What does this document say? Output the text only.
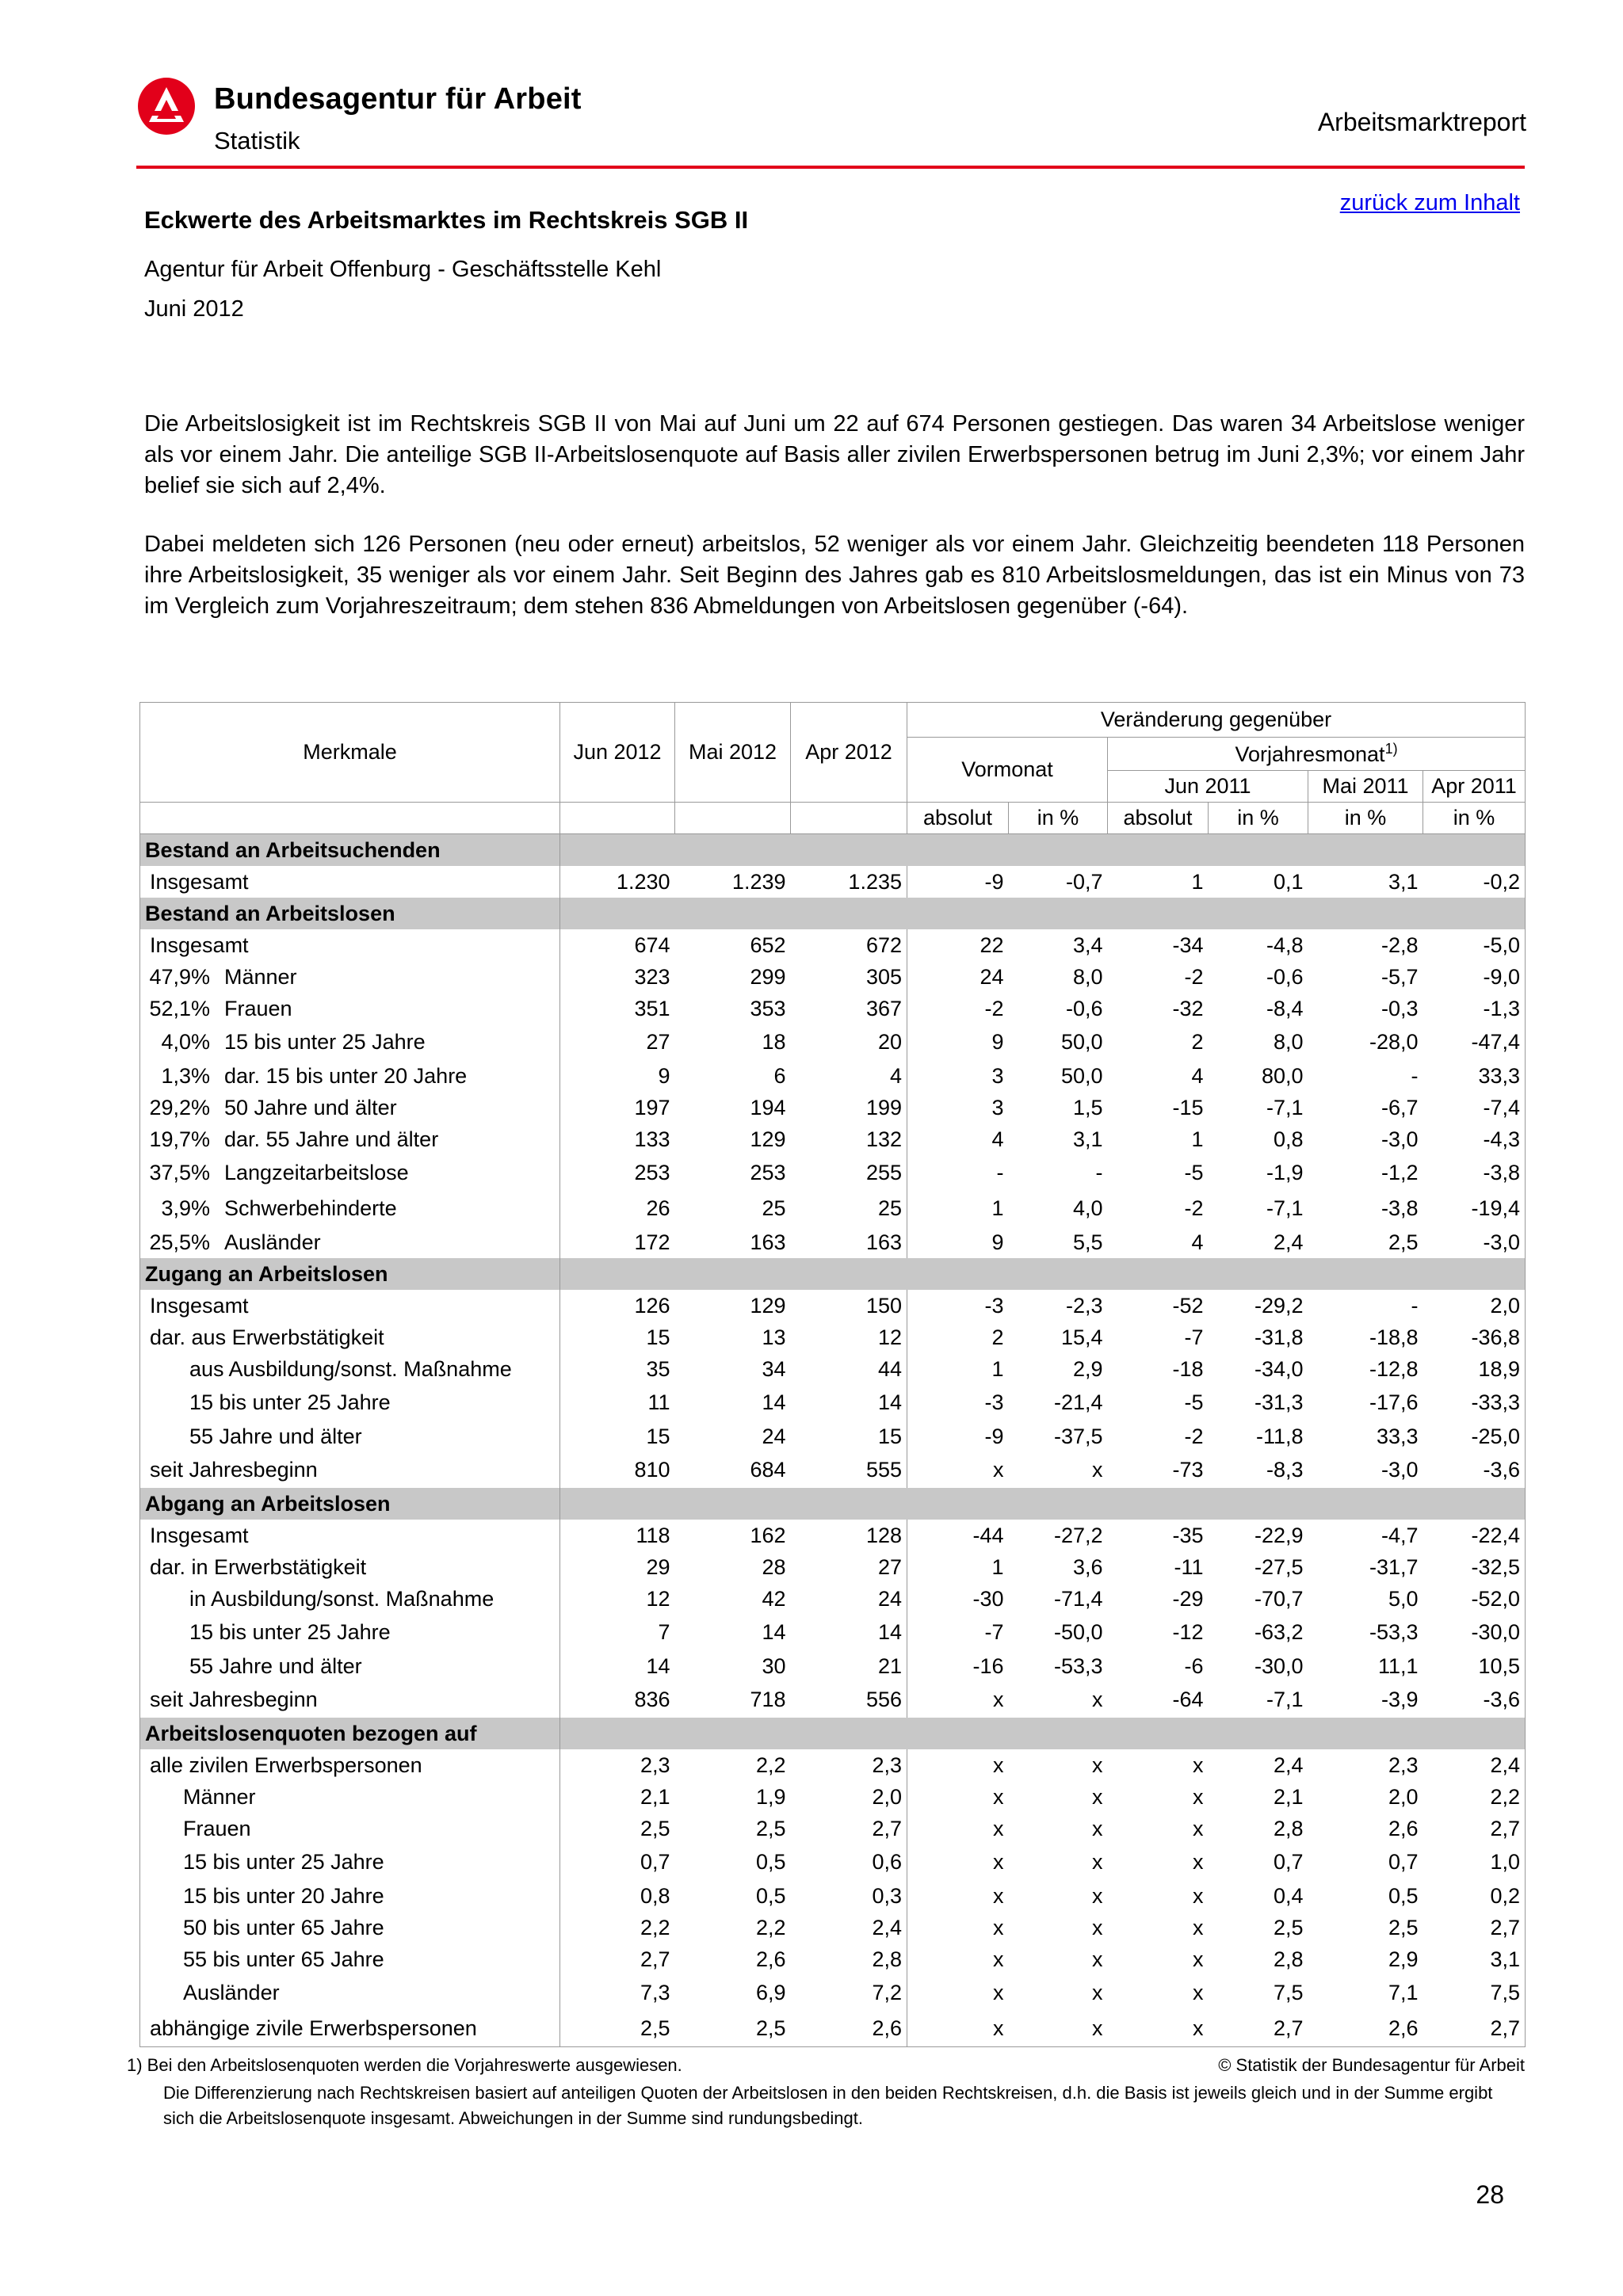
Bundesagentur für Arbeit
Statistik
Arbeitsmarktreport
zurück zum Inhalt
Eckwerte des Arbeitsmarktes im Rechtskreis SGB II
Agentur für Arbeit Offenburg - Geschäftsstelle Kehl
Juni 2012

Die Arbeitslosigkeit ist im Rechtskreis SGB II von Mai auf Juni um 22 auf 674 Personen gestiegen. Das waren 34 Arbeitslose weniger als vor einem Jahr. Die anteilige SGB II-Arbeitslosenquote auf Basis aller zivilen Erwerbspersonen betrug im Juni 2,3%; vor einem Jahr belief sie sich auf 2,4%.

Dabei meldeten sich 126 Personen (neu oder erneut) arbeitslos, 52 weniger als vor einem Jahr. Gleichzeitig beendeten 118 Personen ihre Arbeitslosigkeit, 35 weniger als vor einem Jahr. Seit Beginn des Jahres gab es 810 Arbeitslosmeldungen, das ist ein Minus von 73 im Vergleich zum Vorjahreszeitraum; dem stehen 836 Abmeldungen von Arbeitslosen gegenüber (-64).

Merkmale	Jun 2012	Mai 2012	Apr 2012	Veränderung gegenüber					
				Vormonat		Vorjahresmonat$^{1)}$
						Jun 2011		Mai 2011	Apr 2011
				absolut	in %	absolut	in %	in %	in %
Bestand an Arbeitsuchenden									
Insgesamt	1.230	1.239	1.235	-9	-0,7	1	0,1	3,1	-0,2
Bestand an Arbeitslosen									
Insgesamt	674	652	672	22	3,4	-34	-4,8	-2,8	-5,0
47,9% Männer	323	299	305	24	8,0	-2	-0,6	-5,7	-9,0
52,1% Frauen	351	353	367	-2	-0,6	-32	-8,4	-0,3	-1,3
4,0% 15 bis unter 25 Jahre	27	18	20	9	50,0	2	8,0	-28,0	-47,4
1,3% dar. 15 bis unter 20 Jahre	9	6	4	3	50,0	4	80,0	-	33,3
29,2% 50 Jahre und älter	197	194	199	3	1,5	-15	-7,1	-6,7	-7,4
19,7% dar. 55 Jahre und älter	133	129	132	4	3,1	1	0,8	-3,0	-4,3
37,5% Langzeitarbeitslose	253	253	255	-	-	-5	-1,9	-1,2	-3,8
3,9% Schwerbehinderte	26	25	25	1	4,0	-2	-7,1	-3,8	-19,4
25,5% Ausländer	172	163	163	9	5,5	4	2,4	2,5	-3,0
Zugang an Arbeitslosen									
Insgesamt	126	129	150	-3	-2,3	-52	-29,2	-	2,0
dar. aus Erwerbstätigkeit	15	13	12	2	15,4	-7	-31,8	-18,8	-36,8
aus Ausbildung/sonst. Maßnahme	35	34	44	1	2,9	-18	-34,0	-12,8	18,9
15 bis unter 25 Jahre	11	14	14	-3	-21,4	-5	-31,3	-17,6	-33,3
55 Jahre und älter	15	24	15	-9	-37,5	-2	-11,8	33,3	-25,0
seit Jahresbeginn	810	684	555	x	x	-73	-8,3	-3,0	-3,6
Abgang an Arbeitslosen									
Insgesamt	118	162	128	-44	-27,2	-35	-22,9	-4,7	-22,4
dar. in Erwerbstätigkeit	29	28	27	1	3,6	-11	-27,5	-31,7	-32,5
in Ausbildung/sonst. Maßnahme	12	42	24	-30	-71,4	-29	-70,7	5,0	-52,0
15 bis unter 25 Jahre	7	14	14	-7	-50,0	-12	-63,2	-53,3	-30,0
55 Jahre und älter	14	30	21	-16	-53,3	-6	-30,0	11,1	10,5
seit Jahresbeginn	836	718	556	x	x	-64	-7,1	-3,9	-3,6
Arbeitslosenquoten bezogen auf									
alle zivilen Erwerbspersonen	2,3	2,2	2,3	x	x	x	2,4	2,3	2,4
Männer	2,1	1,9	2,0	x	x	x	2,1	2,0	2,2
Frauen	2,5	2,5	2,7	x	x	x	2,8	2,6	2,7
15 bis unter 25 Jahre	0,7	0,5	0,6	x	x	x	0,7	0,7	1,0
15 bis unter 20 Jahre	0,8	0,5	0,3	x	x	x	0,4	0,5	0,2
50 bis unter 65 Jahre	2,2	2,2	2,4	x	x	x	2,5	2,5	2,7
55 bis unter 65 Jahre	2,7	2,6	2,8	x	x	x	2,8	2,9	3,1
Ausländer	7,3	6,9	7,2	x	x	x	7,5	7,1	7,5
abhängige zivile Erwerbspersonen	2,5	2,5	2,6	x	x	x	2,7	2,6	2,7
1) Bei den Arbeitslosenquoten werden die Vorjahreswerte ausgewiesen.	© Statistik der Bundesagentur für Arbeit
Die Differenzierung nach Rechtskreisen basiert auf anteiligen Quoten der Arbeitslosen in den beiden Rechtskreisen, d.h. die Basis ist jeweils gleich und in der Summe ergibt sich die Arbeitslosenquote insgesamt. Abweichungen in der Summe sind rundungsbedingt.
28
